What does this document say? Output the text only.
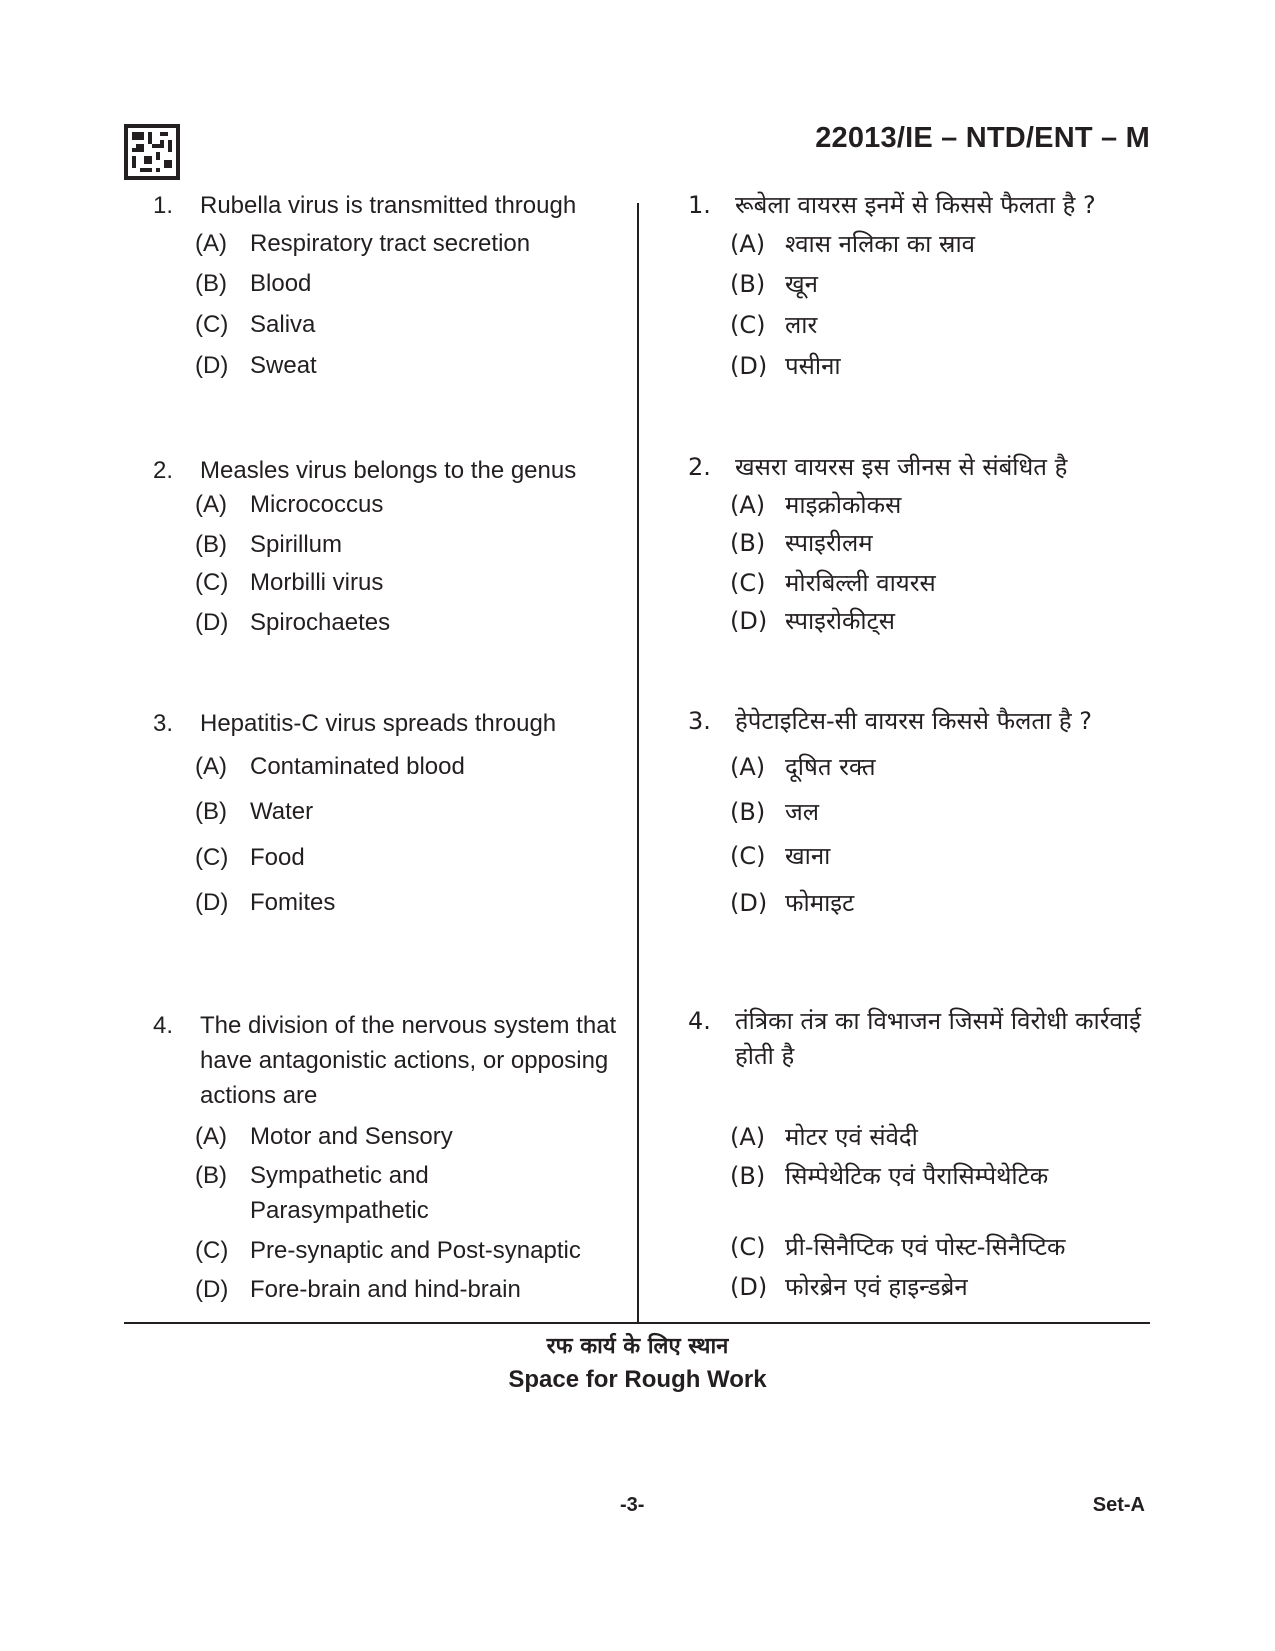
22013/IE – NTD/ENT – M
1. Rubella virus is transmitted through
(A) Respiratory tract secretion
(B) Blood
(C) Saliva
(D) Sweat
2. Measles virus belongs to the genus
(A) Micrococcus
(B) Spirillum
(C) Morbilli virus
(D) Spirochaetes
3. Hepatitis-C virus spreads through
(A) Contaminated blood
(B) Water
(C) Food
(D) Fomites
4. The division of the nervous system that
have antagonistic actions, or opposing
actions are
(A) Motor and Sensory
(B) Sympathetic and
Parasympathetic
(C) Pre-synaptic and Post-synaptic
(D) Fore-brain and hind-brain
1. रूबेला वायरस इनमें से किससे फैलता है ?
(A) श्वास नलिका का स्राव
(B) खून
(C) लार
(D) पसीना
2. खसरा वायरस इस जीनस से संबंधित है
(A) माइक्रोकोकस
(B) स्पाइरीलम
(C) मोरबिल्ली वायरस
(D) स्पाइरोकीट्स
3. हेपेटाइटिस-सी वायरस किससे फैलता है ?
(A) दूषित रक्त
(B) जल
(C) खाना
(D) फोमाइट
4. तंत्रिका तंत्र का विभाजन जिसमें विरोधी कार्रवाई
होती है
(A) मोटर एवं संवेदी
(B) सिम्पेथेटिक एवं पैरासिम्पेथेटिक
(C) प्री-सिनैप्टिक एवं पोस्ट-सिनैप्टिक
(D) फोरब्रेन एवं हाइन्डब्रेन
रफ कार्य के लिए स्थान
Space for Rough Work
-3-	Set-A
